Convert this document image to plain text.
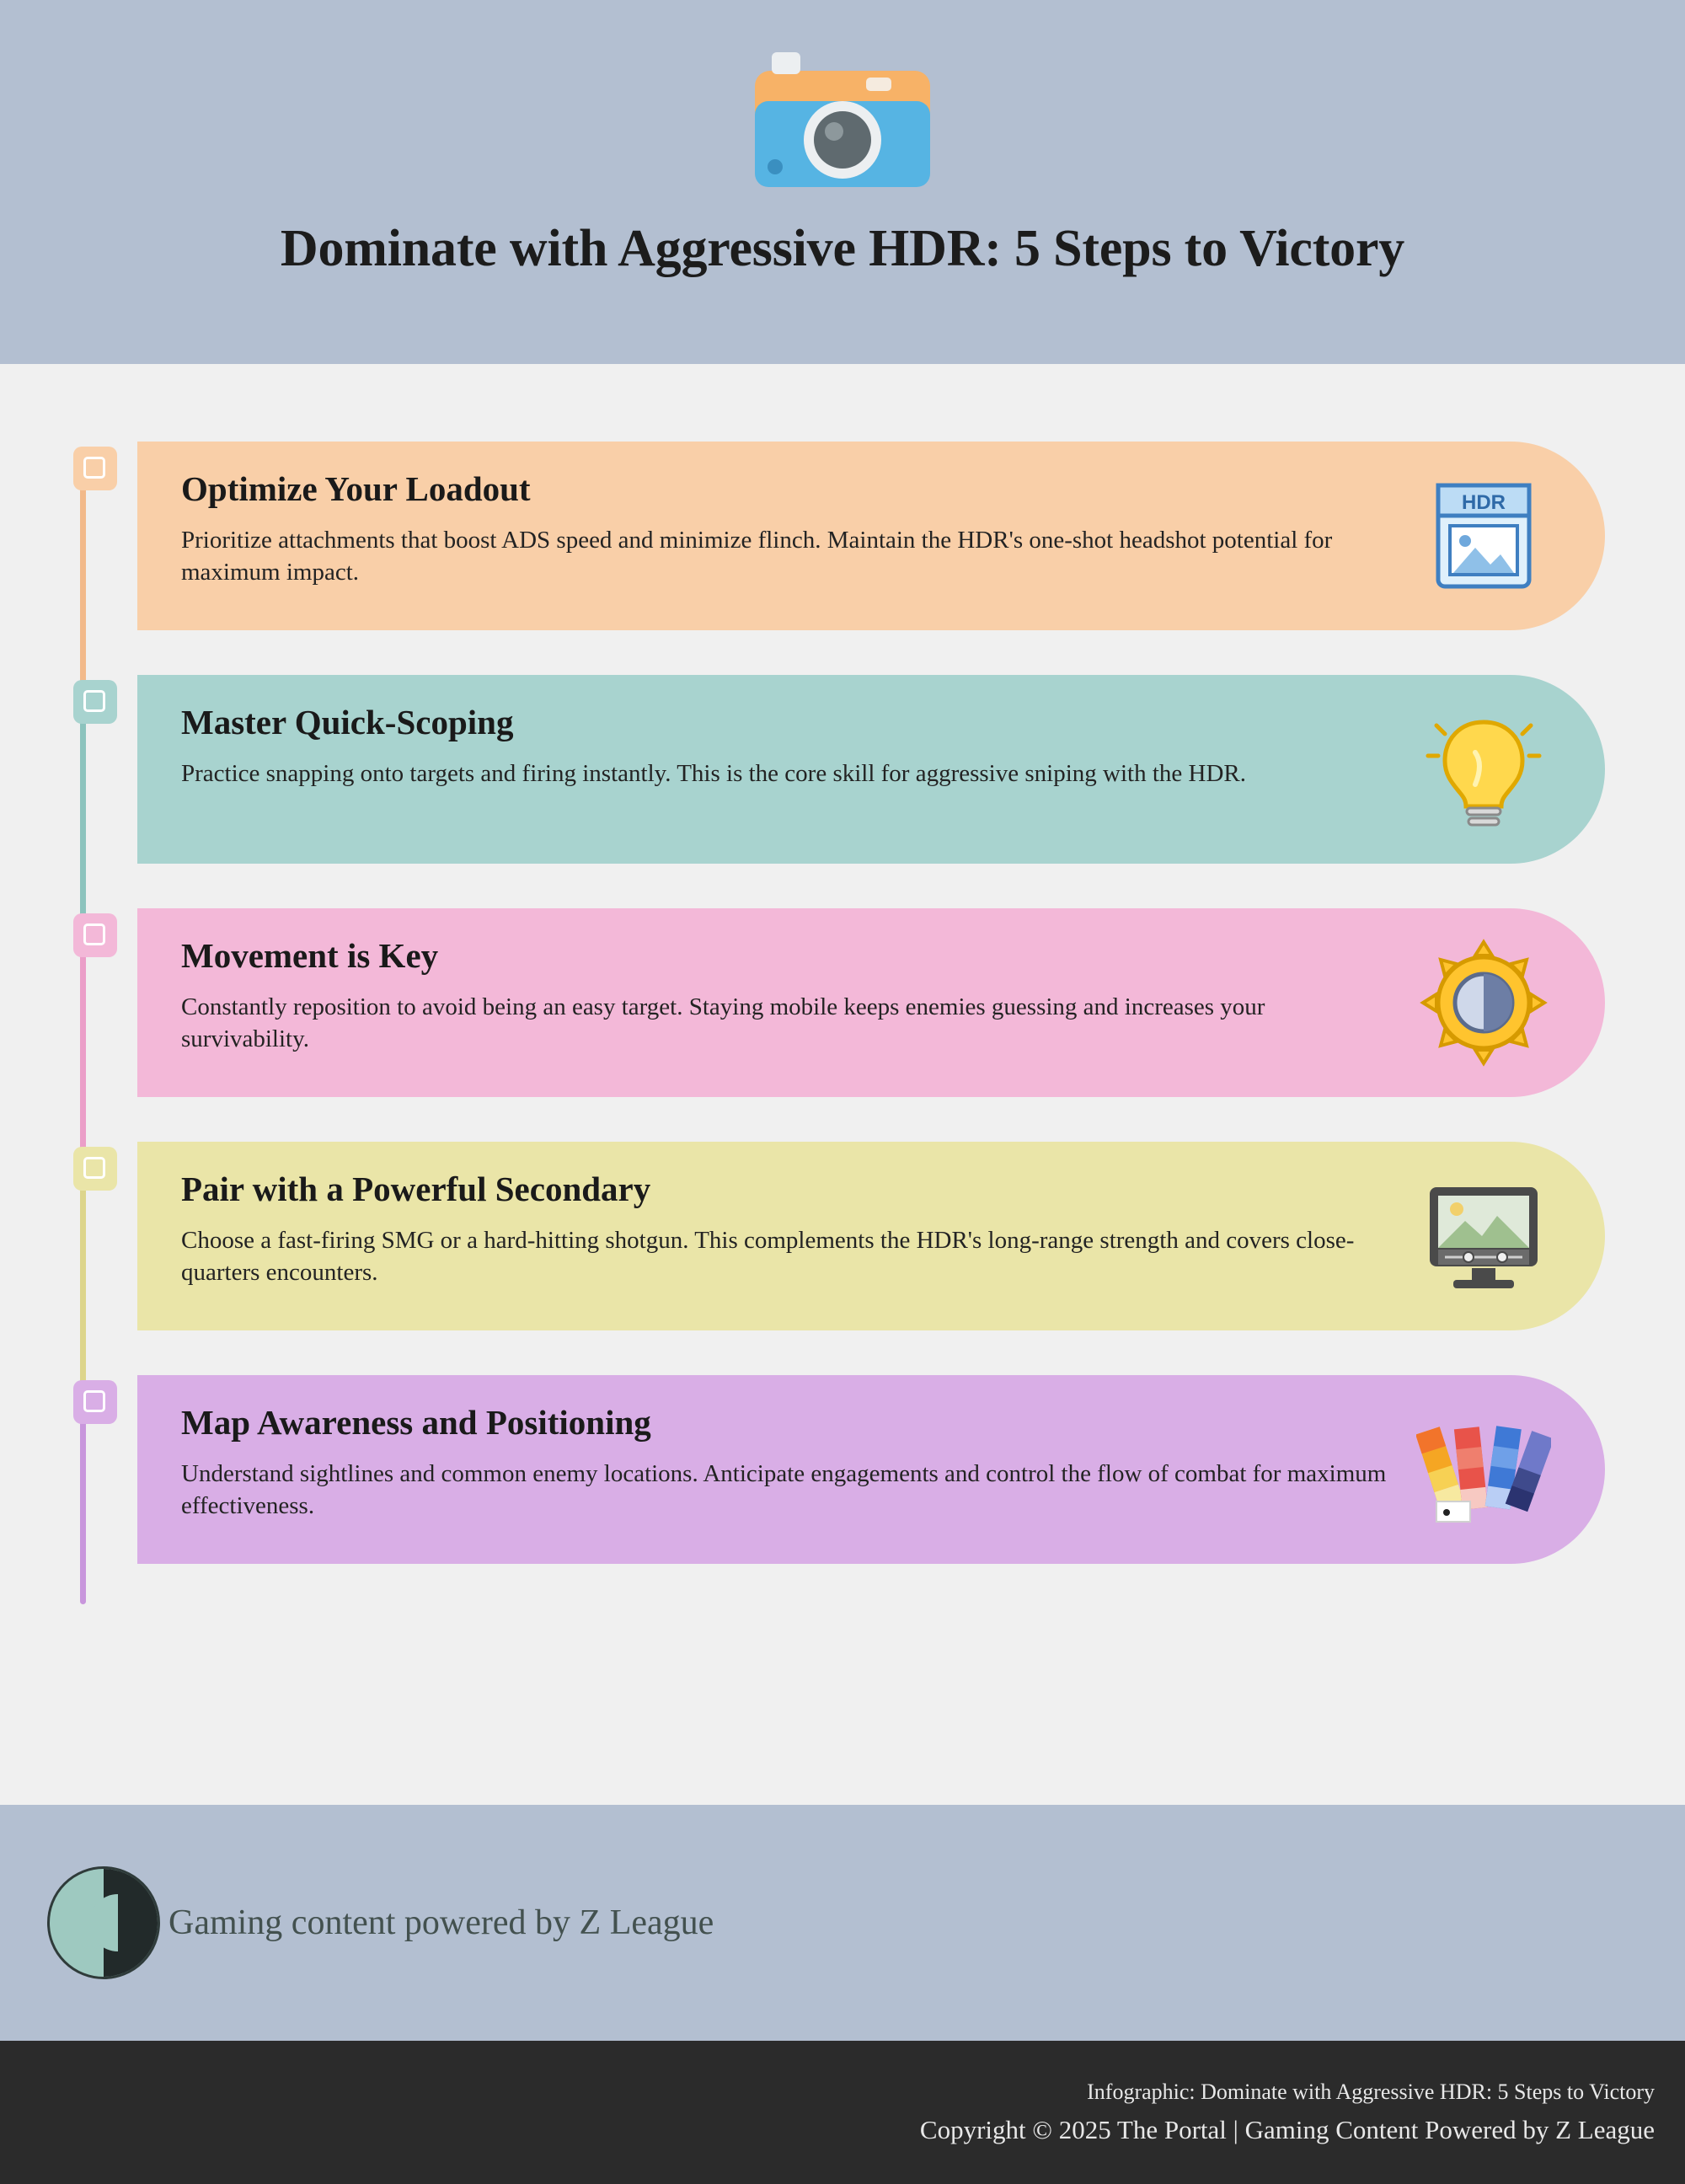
Dominate with Aggressive HDR: 5 Steps to Victory
Optimize Your Loadout
Prioritize attachments that boost ADS speed and minimize flinch. Maintain the HDR's one-shot headshot potential for maximum impact.
HDR
Master Quick-Scoping
Practice snapping onto targets and firing instantly. This is the core skill for aggressive sniping with the HDR.
Movement is Key
Constantly reposition to avoid being an easy target. Staying mobile keeps enemies guessing and increases your survivability.
Pair with a Powerful Secondary
Choose a fast-firing SMG or a hard-hitting shotgun. This complements the HDR's long-range strength and covers close-quarters encounters.
Map Awareness and Positioning
Understand sightlines and common enemy locations. Anticipate engagements and control the flow of combat for maximum effectiveness.
Gaming content powered by Z League
Infographic: Dominate with Aggressive HDR: 5 Steps to Victory
Copyright © 2025 The Portal | Gaming Content Powered by Z League
